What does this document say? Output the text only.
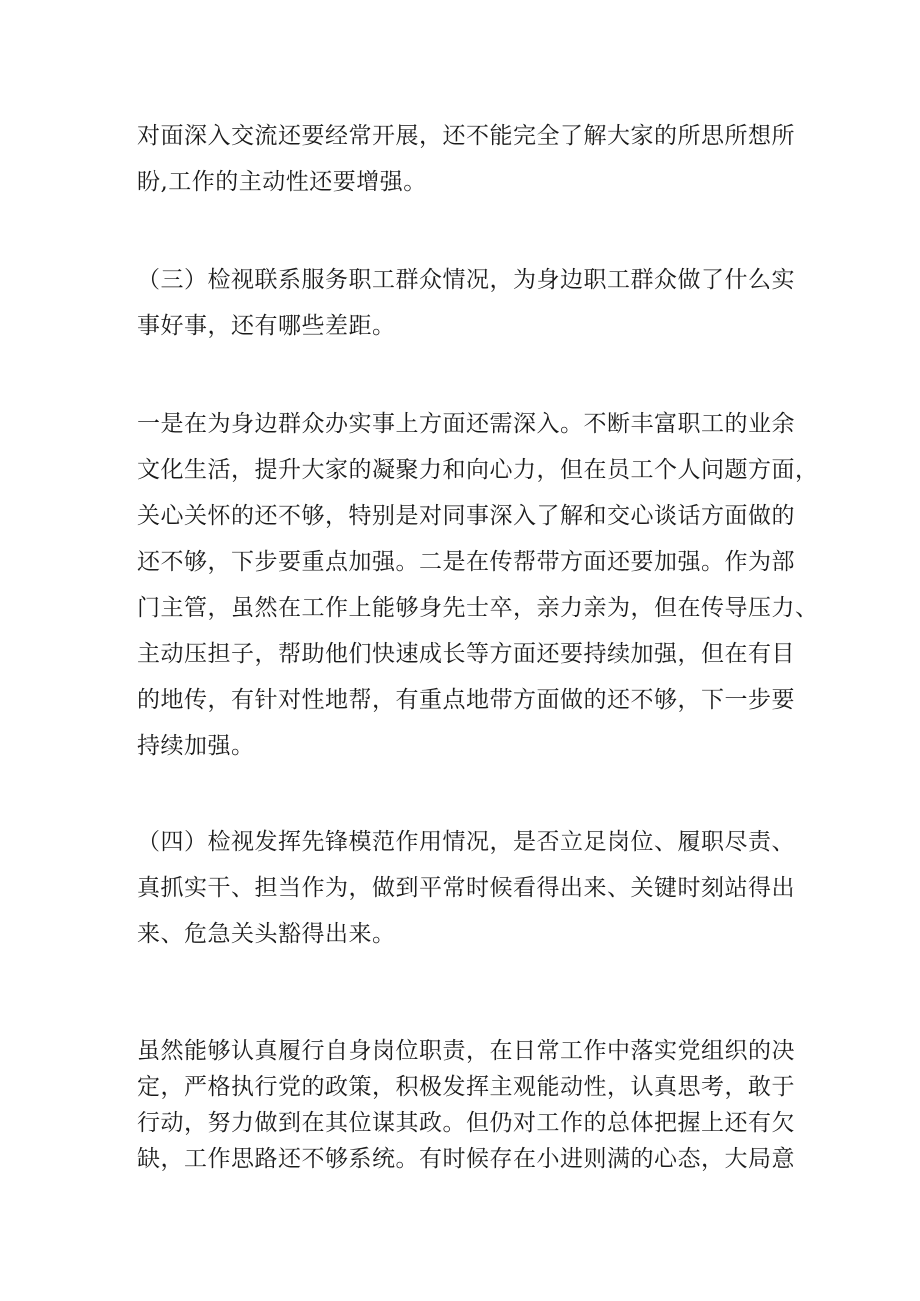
对面深入交流还要经常开展，还不能完全了解大家的所思所想所
盼,工作的主动性还要增强。
（三）检视联系服务职工群众情况，为身边职工群众做了什么实
事好事，还有哪些差距。
一是在为身边群众办实事上方面还需深入。不断丰富职工的业余
文化生活，提升大家的凝聚力和向心力，但在员工个人问题方面，
关心关怀的还不够，特别是对同事深入了解和交心谈话方面做的
还不够，下步要重点加强。二是在传帮带方面还要加强。作为部
门主管，虽然在工作上能够身先士卒，亲力亲为，但在传导压力、
主动压担子，帮助他们快速成长等方面还要持续加强，但在有目
的地传，有针对性地帮，有重点地带方面做的还不够，下一步要
持续加强。
（四）检视发挥先锋模范作用情况，是否立足岗位、履职尽责、
真抓实干、担当作为，做到平常时候看得出来、关键时刻站得出
来、危急关头豁得出来。
虽然能够认真履行自身岗位职责，在日常工作中落实党组织的决
定，严格执行党的政策，积极发挥主观能动性，认真思考，敢于
行动，努力做到在其位谋其政。但仍对工作的总体把握上还有欠
缺，工作思路还不够系统。有时候存在小进则满的心态，大局意
